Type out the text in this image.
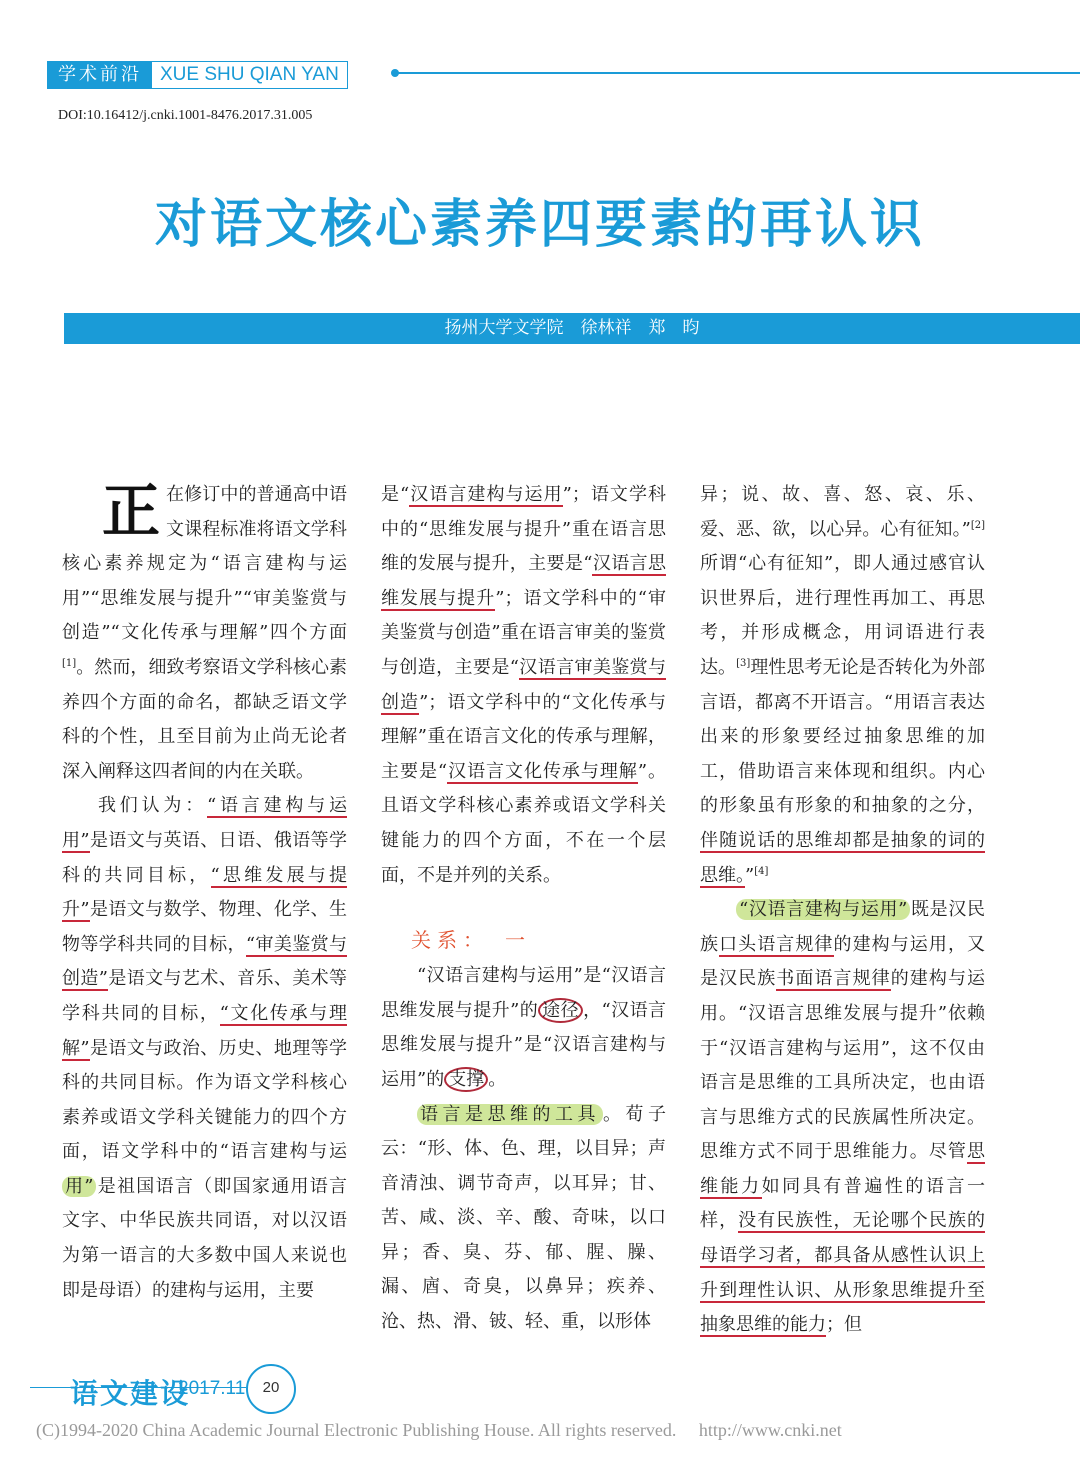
学术前沿 XUE SHU QIAN YAN
DOI:10.16412/j.cnki.1001-8476.2017.31.005
对语文核心素养四要素的再认识
扬州大学文学院　徐林祥　郑　昀

正在修订中的普通高中语文课程标准将语文学科核心素养规定为“语言建构与运用”“思维发展与提升”“审美鉴赏与创造”“文化传承与理解”四个方面[1]。然而，细致考察语文学科核心素养四个方面的命名，都缺乏语文学科的个性，且至目前为止尚无论者深入阐释这四者间的内在关联。

我们认为：“语言建构与运用”是语文与英语、日语、俄语等学科的共同目标，“思维发展与提升”是语文与数学、物理、化学、生物等学科共同的目标，“审美鉴赏与创造”是语文与艺术、音乐、美术等学科共同的目标，“文化传承与理解”是语文与政治、历史、地理等学科的共同目标。作为语文学科核心素养或语文学科关键能力的四个方面，语文学科中的“语言建构与运用” 是祖国语言（即国家通用语言文字、中华民族共同语，对以汉语为第一语言的大多数中国人来说也即是母语）的建构与运用，主要

是“汉语言建构与运用”；语文学科中的“思维发展与提升”重在语言思维的发展与提升，主要是“汉语言思维发展与提升”；语文学科中的“审美鉴赏与创造”重在语言审美的鉴赏与创造，主要是“汉语言审美鉴赏与创造”；语文学科中的“文化传承与理解”重在语言文化的传承与理解，主要是“汉语言文化传承与理解”。且语文学科核心素养或语文学科关键能力的四个方面，不在一个层面，不是并列的关系。

关系：　一

“汉语言建构与运用”是“汉语言思维发展与提升”的 途径 ，“汉语言思维发展与提升”是“汉语言建构与运用”的 支撑 。

语言是思维的工具 。荀子云：“形、体、色、理，以目异；声音清浊、调节奇声，以耳异；甘、苦、咸、淡、辛、酸、奇味，以口异；香、臭、芬、郁、腥、臊、漏、庮、奇臭，以鼻异；疾养、沧、热、滑、铍、轻、重，以形体

异；说、故、喜、怒、哀、乐、爱、恶、欲，以心异。心有征知。”[2]所谓“心有征知”，即人通过感官认识世界后，进行理性再加工、再思考，并形成概念，用词语进行表达。[3]理性思考无论是否转化为外部言语，都离不开语言。“用语言表达出来的形象要经过抽象思维的加工，借助语言来体现和组织。内心的形象虽有形象的和抽象的之分，伴随说话的思维却都是抽象的词的思维。”[4]

“汉语言建构与运用” 既是汉民族口头语言规律的建构与运用，又是汉民族书面语言规律的建构与运用。“汉语言思维发展与提升”依赖于“汉语言建构与运用”，这不仅由语言是思维的工具所决定，也由语言与思维方式的民族属性所决定。思维方式不同于思维能力。尽管思维能力如同具有普遍性的语言一样，没有民族性，无论哪个民族的母语学习者，都具备从感性认识上升到理性认识、从形象思维提升至抽象思维的能力；但

语文建设
2017.11	20
(C)1994-2020 China Academic Journal Electronic Publishing House. All rights reserved.　 http://www.cnki.net
